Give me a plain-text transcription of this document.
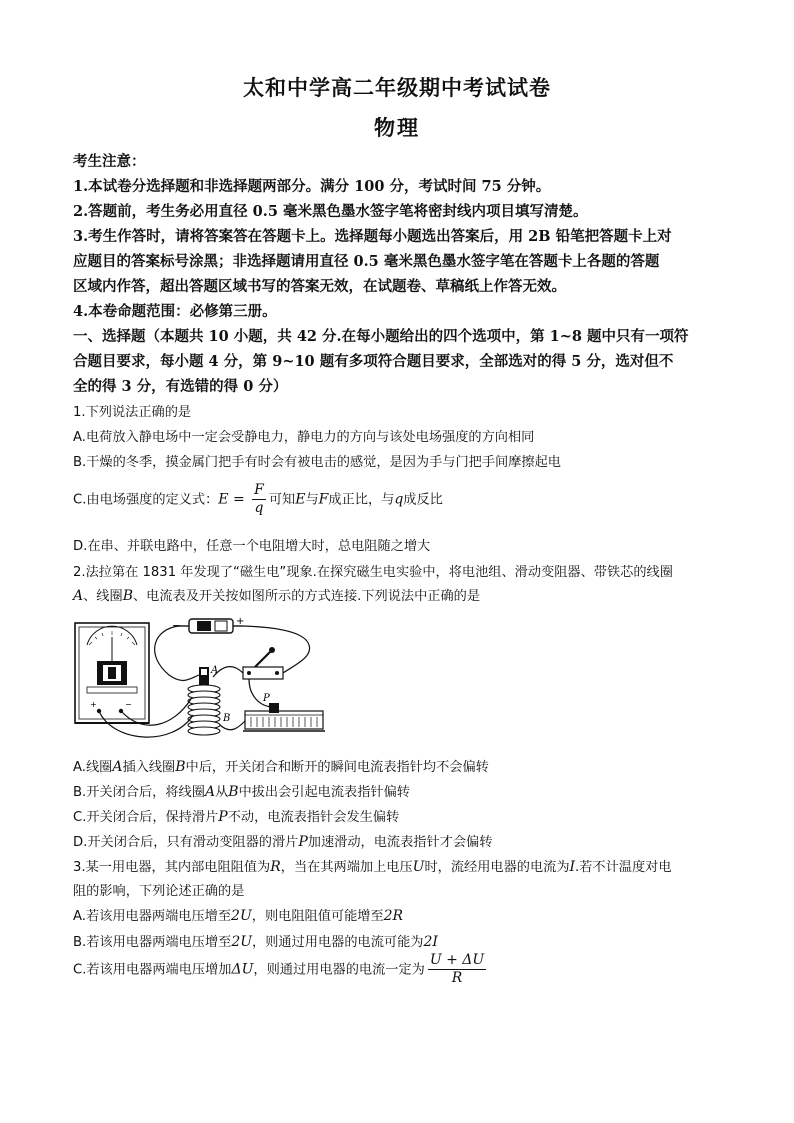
太和中学高二年级期中考试试卷
物理
考生注意：
1.本试卷分选择题和非选择题两部分。满分 100 分，考试时间 75 分钟。
2.答题前，考生务必用直径 0.5 毫米黑色墨水签字笔将密封线内项目填写清楚。
3.考生作答时，请将答案答在答题卡上。选择题每小题选出答案后，用 2B 铅笔把答题卡上对
应题目的答案标号涂黑；非选择题请用直径 0.5 毫米黑色墨水签字笔在答题卡上各题的答题
区域内作答，超出答题区域书写的答案无效，在试题卷、草稿纸上作答无效。
4.本卷命题范围：必修第三册。
一、选择题（本题共 10 小题，共 42 分.在每小题给出的四个选项中，第 1~8 题中只有一项符
合题目要求，每小题 4 分，第 9~10 题有多项符合题目要求，全部选对的得 5 分，选对但不
全的得 3 分，有选错的得 0 分）
1.下列说法正确的是
A.电荷放入静电场中一定会受静电力，静电力的方向与该处电场强度的方向相同
B.干燥的冬季，摸金属门把手有时会有被电击的感觉，是因为手与门把手间摩擦起电
C.由电场强度的定义式：$E = \frac{F}{q}$ 可知E与F成正比，与q成反比
D.在串、并联电路中，任意一个电阻增大时，总电阻随之增大
2.法拉第在 1831 年发现了“磁生电”现象.在探究磁生电实验中，将电池组、滑动变阻器、带铁芯的线圈
A、线圈B、电流表及开关按如图所示的方式连接.下列说法中正确的是
+	−
−	+
A
B
P
A.线圈A插入线圈B中后，开关闭合和断开的瞬间电流表指针均不会偏转
B.开关闭合后，将线圈A从B中拔出会引起电流表指针偏转
C.开关闭合后，保持滑片P不动，电流表指针会发生偏转
D.开关闭合后，只有滑动变阻器的滑片P加速滑动，电流表指针才会偏转
3.某一用电器，其内部电阻阻值为R，当在其两端加上电压U时，流经用电器的电流为I.若不计温度对电
阻的影响，下列论述正确的是
A.若该用电器两端电压增至2U，则电阻阻值可能增至2R
B.若该用电器两端电压增至2U，则通过用电器的电流可能为2I
C.若该用电器两端电压增加ΔU，则通过用电器的电流一定为 $\frac{U + \Delta U}{R}$
